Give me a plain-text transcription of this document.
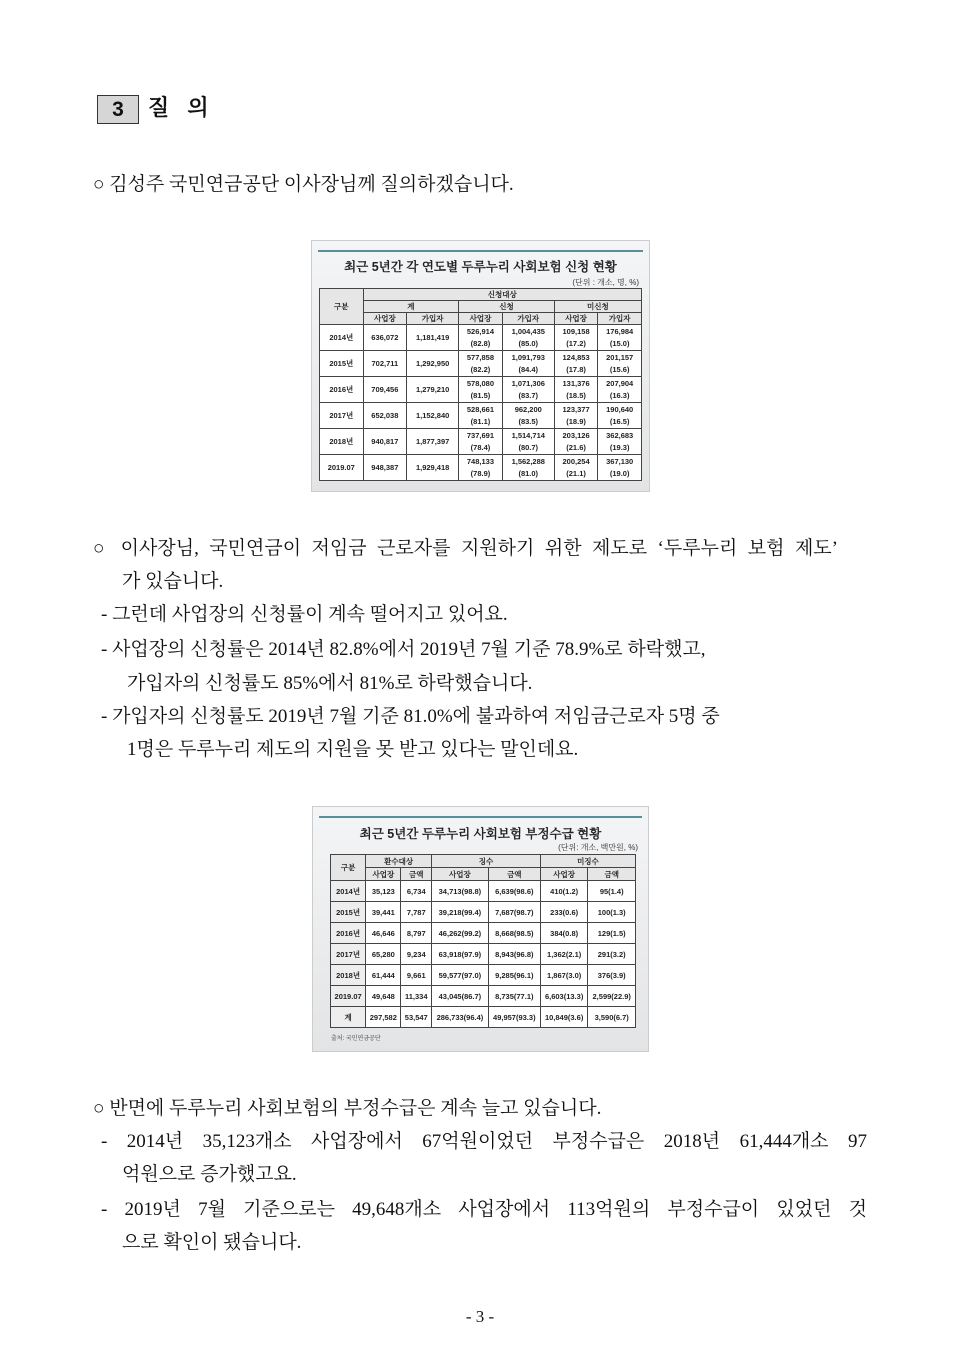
3	질 의
○ 김성주 국민연금공단 이사장님께 질의하겠습니다.
최근 5년간 각 연도별 두루누리 사회보험 신청 현황
(단위 : 개소, 명, %)
구분	신청대상					
	계		신청		미신청	
	사업장	가입자	사업장	가입자	사업장	가입자
2014년	636,072	1,181,419	526,914	1,004,435	109,158	176,984
			(82.8)	(85.0)	(17.2)	(15.0)
2015년	702,711	1,292,950	577,858	1,091,793	124,853	201,157
			(82.2)	(84.4)	(17.8)	(15.6)
2016년	709,456	1,279,210	578,080	1,071,306	131,376	207,904
			(81.5)	(83.7)	(18.5)	(16.3)
2017년	652,038	1,152,840	528,661	962,200	123,377	190,640
			(81.1)	(83.5)	(18.9)	(16.5)
2018년	940,817	1,877,397	737,691	1,514,714	203,126	362,683
			(78.4)	(80.7)	(21.6)	(19.3)
2019.07	948,387	1,929,418	748,133	1,562,288	200,254	367,130
			(78.9)	(81.0)	(21.1)	(19.0)
○ 이사장님, 국민연금이 저임금 근로자를 지원하기 위한 제도로 ‘두루누리 보험 제도’
가 있습니다.
- 그런데 사업장의 신청률이 계속 떨어지고 있어요.
- 사업장의 신청률은 2014년 82.8%에서 2019년 7월 기준 78.9%로 하락했고,
가입자의 신청률도 85%에서 81%로 하락했습니다.
- 가입자의 신청률도 2019년 7월 기준 81.0%에 불과하여 저임금근로자 5명 중
1명은 두루누리 제도의 지원을 못 받고 있다는 말인데요.
최근 5년간 두루누리 사회보험 부정수급 현황
(단위: 개소, 백만원, %)
구분	환수대상		징수		미징수	
	사업장	금액	사업장	금액	사업장	금액
2014년	35,123	6,734	34,713(98.8)	6,639(98.6)	410(1.2)	95(1.4)
2015년	39,441	7,787	39,218(99.4)	7,687(98.7)	233(0.6)	100(1.3)
2016년	46,646	8,797	46,262(99.2)	8,668(98.5)	384(0.8)	129(1.5)
2017년	65,280	9,234	63,918(97.9)	8,943(96.8)	1,362(2.1)	291(3.2)
2018년	61,444	9,661	59,577(97.0)	9,285(96.1)	1,867(3.0)	376(3.9)
2019.07	49,648	11,334	43,045(86.7)	8,735(77.1)	6,603(13.3)	2,599(22.9)
계	297,582	53,547	286,733(96.4)	49,957(93.3)	10,849(3.6)	3,590(6.7)
출처: 국민연금공단
○ 반면에 두루누리 사회보험의 부정수급은 계속 늘고 있습니다.
- 2014년 35,123개소 사업장에서 67억원이었던 부정수급은 2018년 61,444개소 97
억원으로 증가했고요.
- 2019년 7월 기준으로는 49,648개소 사업장에서 113억원의 부정수급이 있었던 것
으로 확인이 됐습니다.
- 3 -
